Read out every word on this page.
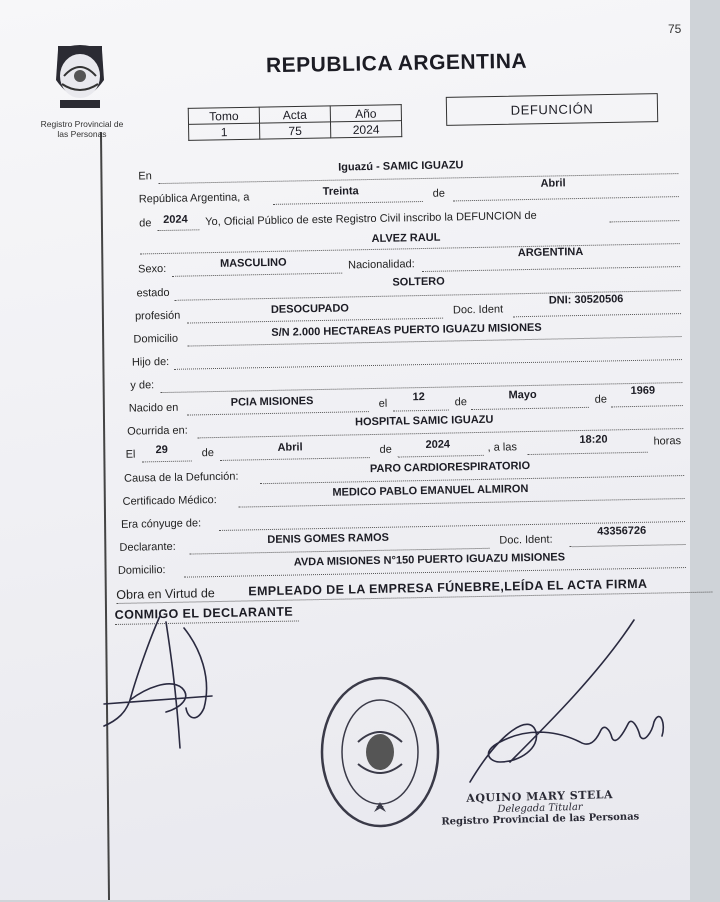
75
Registro Provincial de las Personas
REPUBLICA ARGENTINA
Tomo	Acta	Año
1	75	2024
DEFUNCIÓN
En
Iguazú - SAMIC IGUAZU
República Argentina, a	Treinta	de
Abril
de 2024 Yo, Oficial Público de este Registro Civil inscribo la DEFUNCION de
ALVEZ RAUL
Sexo:	MASCULINO	Nacionalidad:
ARGENTINA
estado
SOLTERO
profesión
DESOCUPADO	Doc. Ident
DNI: 30520506
Domicilio
S/N 2.000 HECTAREAS PUERTO IGUAZU MISIONES
Hijo de:
y de:
Nacido en	PCIA MISIONES	el
12	de
Mayo	de
1969
Ocurrida en:
HOSPITAL SAMIC IGUAZU
El 29	de	Abril	de	2024	, a las
18:20	horas
Causa de la Defunción:
PARO CARDIORESPIRATORIO
Certificado Médico:
MEDICO PABLO EMANUEL ALMIRON
Era cónyuge de:
Declarante:
DENIS GOMES RAMOS	Doc. Ident:
43356726
Domicilio:
AVDA MISIONES N°150 PUERTO IGUAZU MISIONES
Obra en Virtud de	EMPLEADO DE LA EMPRESA FÚNEBRE,LEÍDA EL ACTA FIRMA
CONMIGO EL DECLARANTE
AQUINO MARY STELA
Delegada Titular
Registro Provincial de las Personas
